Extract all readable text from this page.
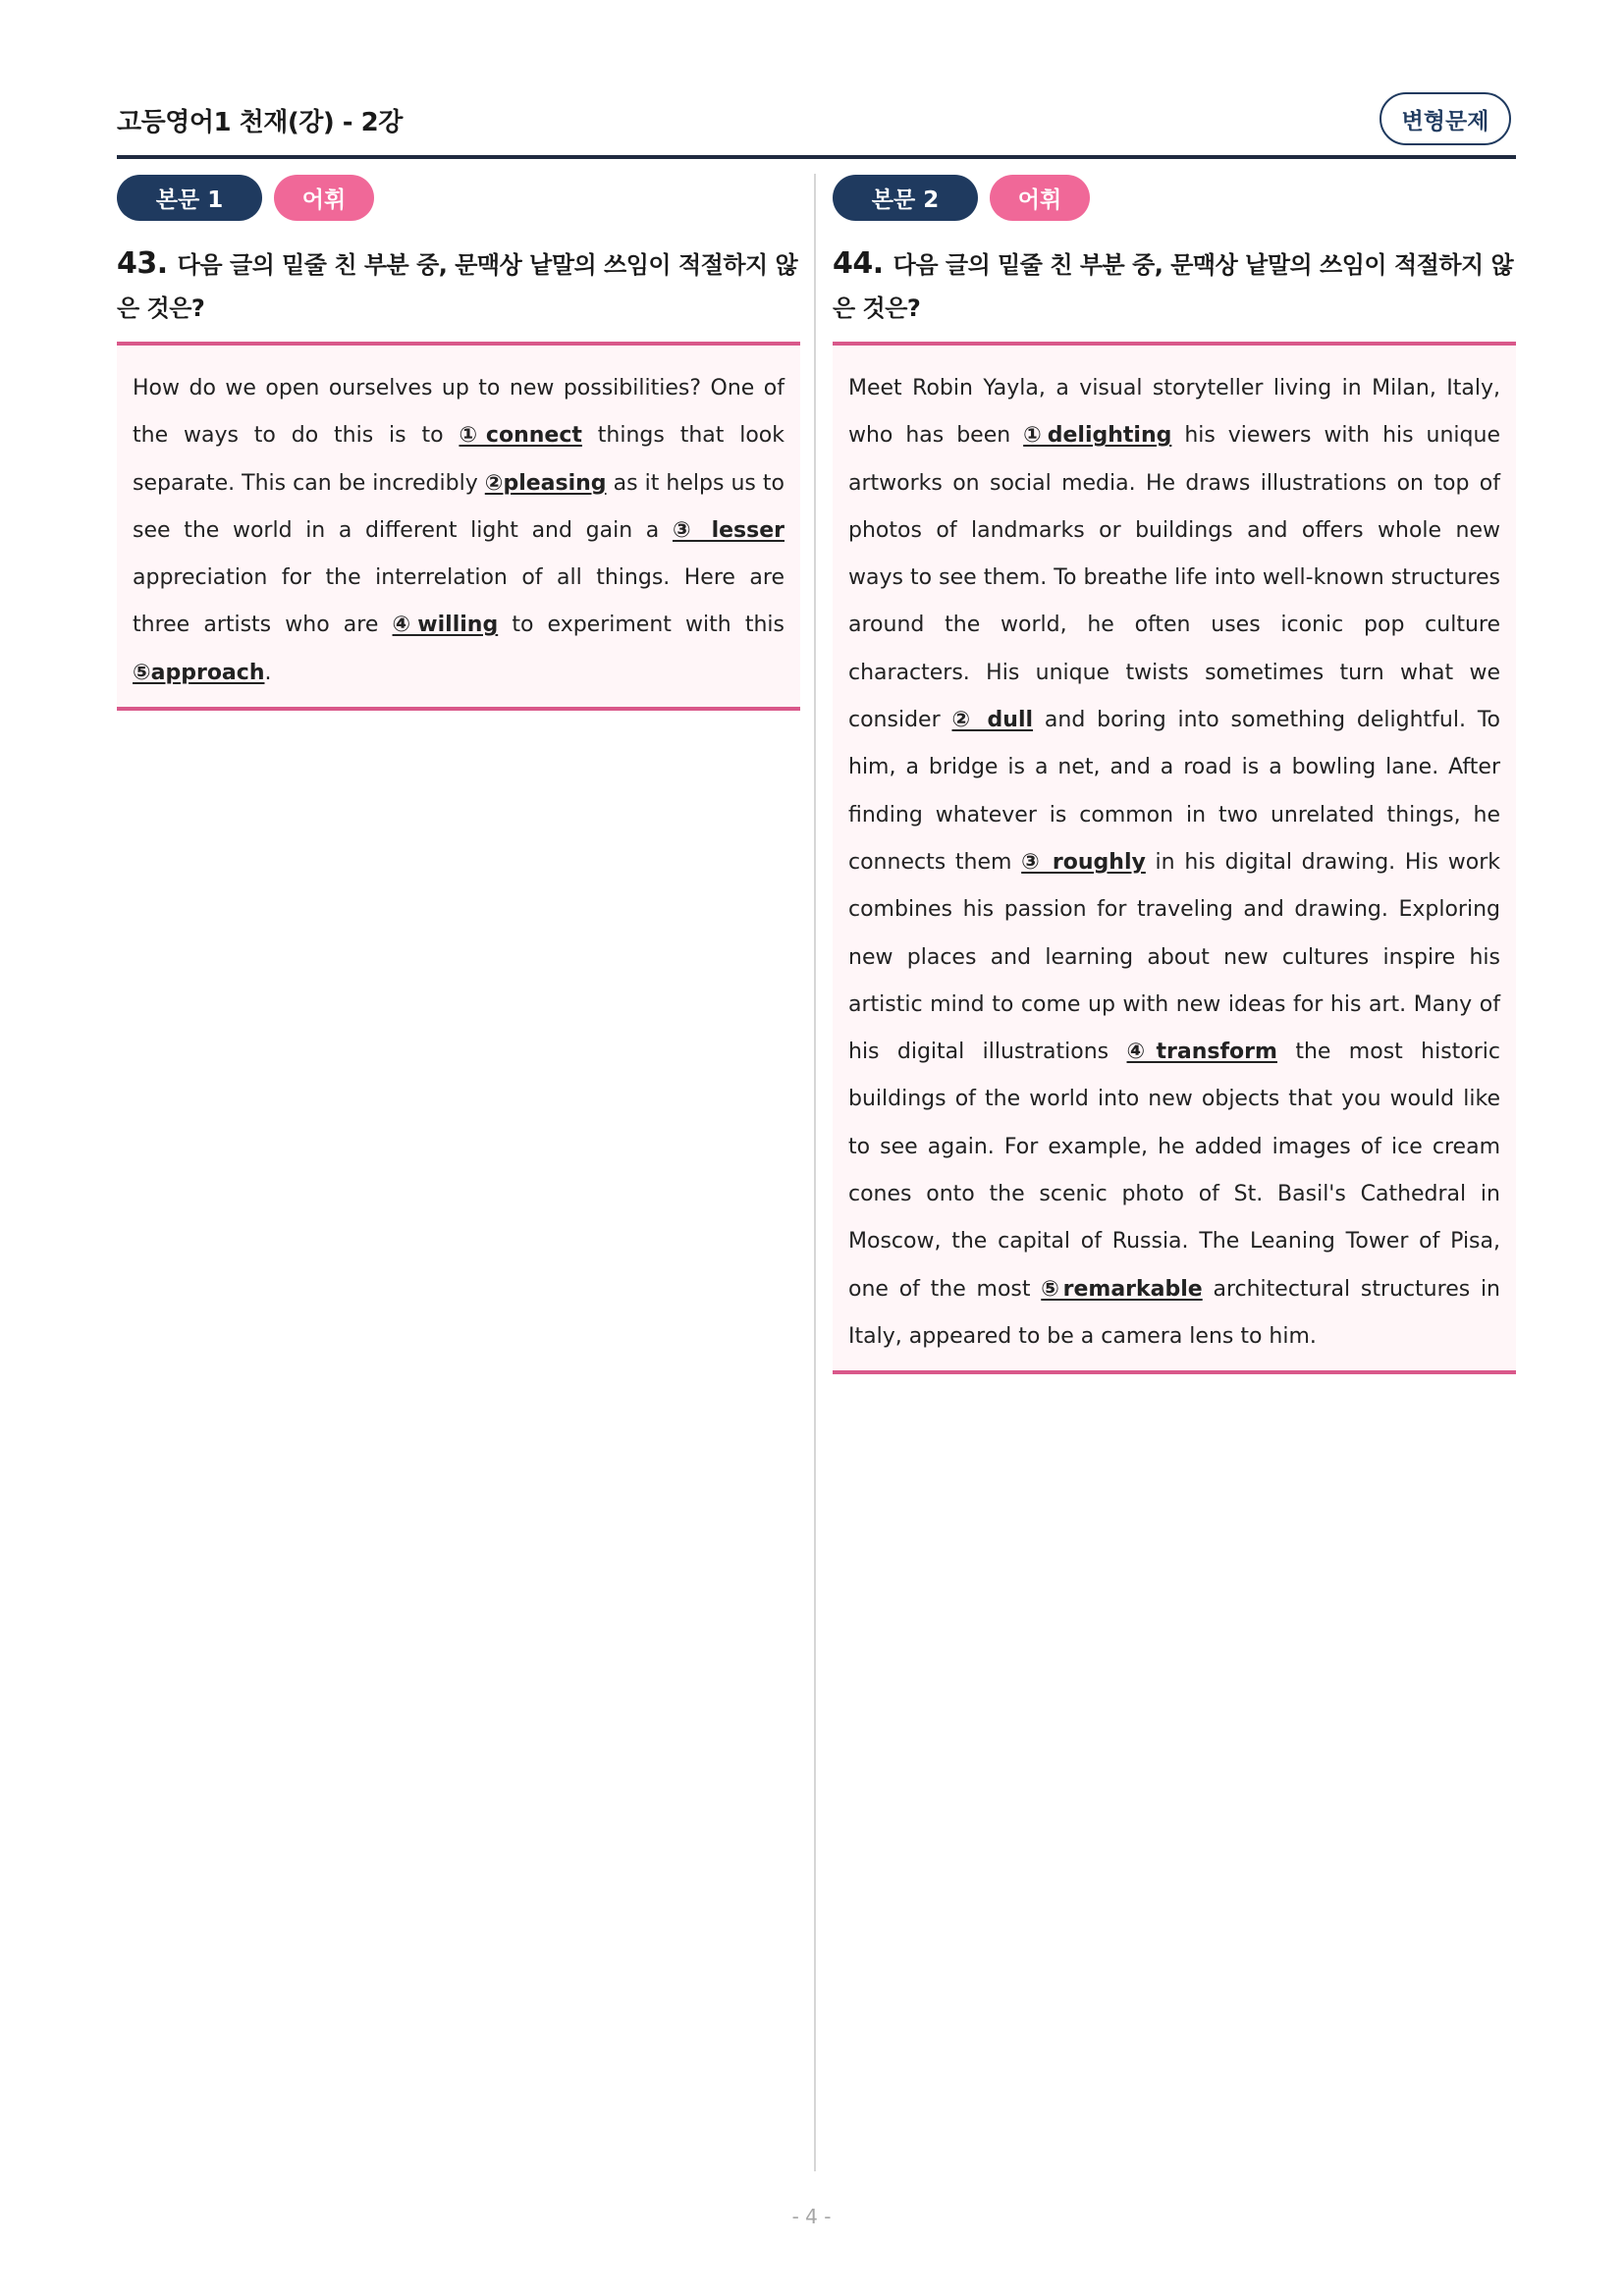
고등영어1 천재(강) - 2강	변형문제
본문 1	어휘
43. 다음 글의 밑줄 친 부분 중, 문맥상 낱말의 쓰임이 적절하지 않은 것은?

How do we open ourselves up to new possibilities? One of the ways to do this is to ①connect things that look separate. This can be incredibly ②pleasing as it helps us to see the world in a different light and gain a ③ lesser appreciation for the interrelation of all things. Here are three artists who are ④willing to experiment with this ⑤approach.

본문 2	어휘
44. 다음 글의 밑줄 친 부분 중, 문맥상 낱말의 쓰임이 적절하지 않은 것은?

Meet Robin Yayla, a visual storyteller living in Milan, Italy, who has been ①delighting his viewers with his unique artworks on social media. He draws illustrations on top of photos of landmarks or buildings and offers whole new ways to see them. To breathe life into well-known structures around the world, he often uses iconic pop culture characters. His unique twists sometimes turn what we consider ② dull and boring into something delightful. To him, a bridge is a net, and a road is a bowling lane. After finding whatever is common in two unrelated things, he connects them ③ roughly in his digital drawing. His work combines his passion for traveling and drawing. Exploring new places and learning about new cultures inspire his artistic mind to come up with new ideas for his art. Many of his digital illustrations ④transform the most historic buildings of the world into new objects that you would like to see again. For example, he added images of ice cream cones onto the scenic photo of St. Basil's Cathedral in Moscow, the capital of Russia. The Leaning Tower of Pisa, one of the most ⑤remarkable architectural structures in Italy, appeared to be a camera lens to him.

- 4 -
